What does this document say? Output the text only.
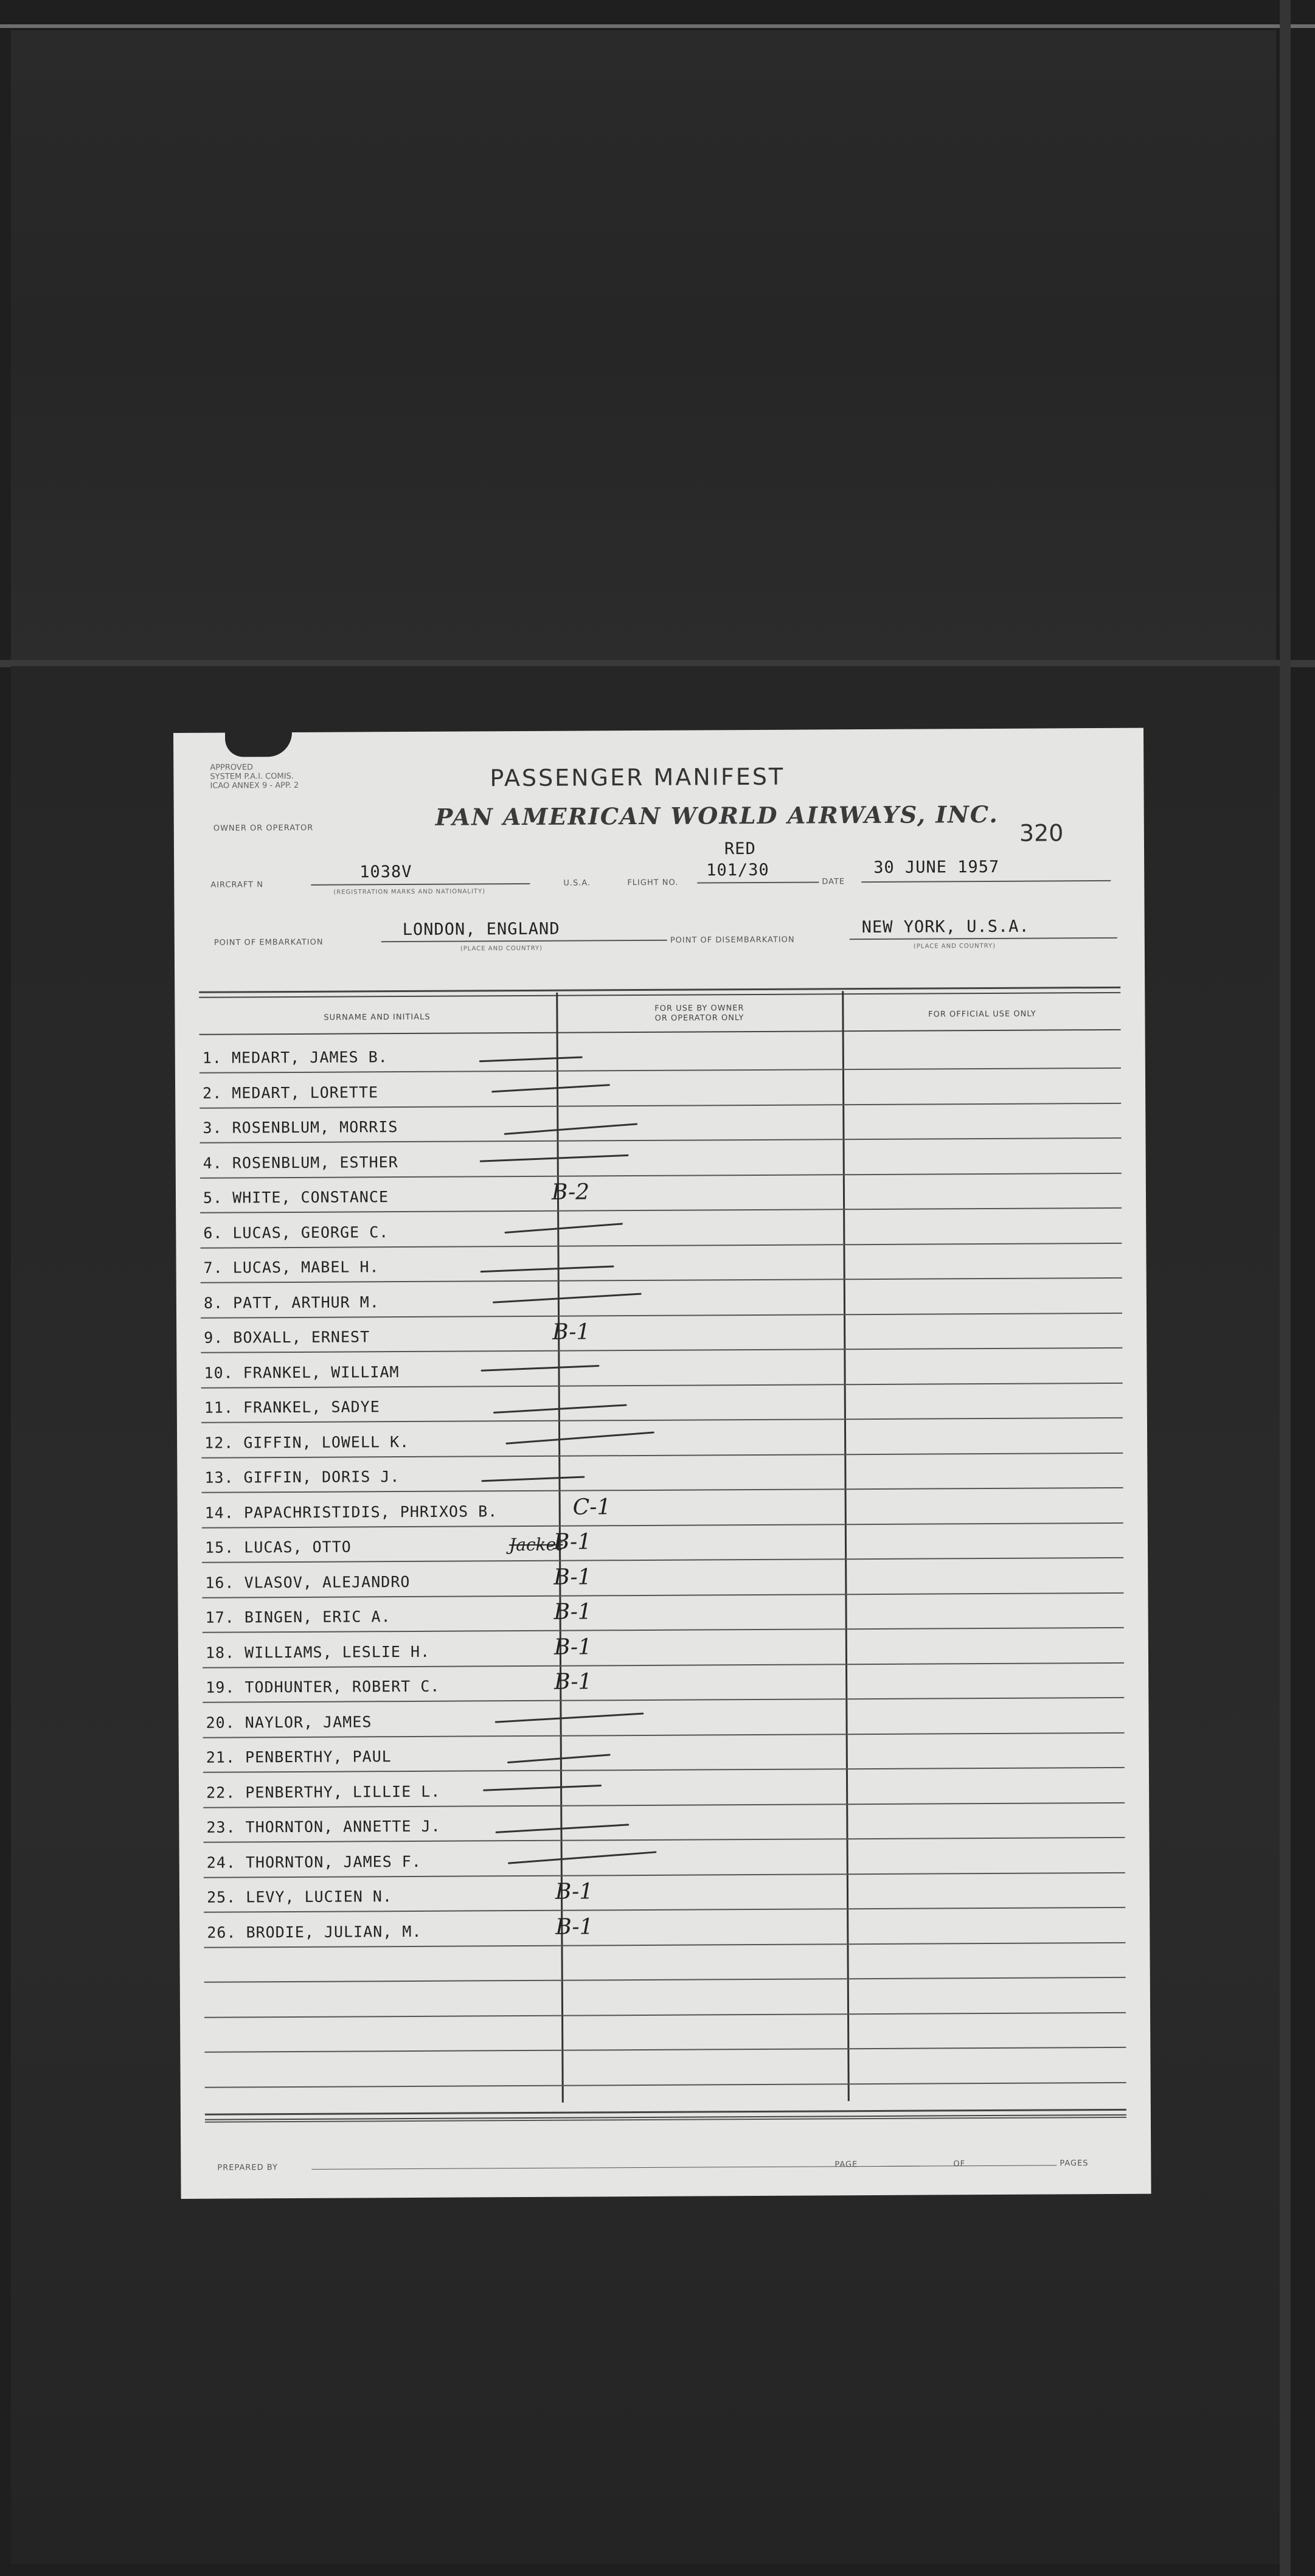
APPROVED
SYSTEM P.A.I. COMIS.
ICAO ANNEX 9 - APP. 2
OWNER OR OPERATOR
PASSENGER MANIFEST
PAN AMERICAN WORLD AIRWAYS, INC.
320
AIRCRAFT N
1038V
(REGISTRATION MARKS AND NATIONALITY)
U.S.A.	FLIGHT NO.
RED
101/30
DATE
30 JUNE 1957
POINT OF EMBARKATION
LONDON, ENGLAND
(PLACE AND COUNTRY)
POINT OF DISEMBARKATION
NEW YORK, U.S.A.
(PLACE AND COUNTRY)
SURNAME AND INITIALS
FOR USE BY OWNER
OR OPERATOR ONLY	FOR OFFICIAL USE ONLY
1. MEDART, JAMES B.
2. MEDART, LORETTE
3. ROSENBLUM, MORRIS
4. ROSENBLUM, ESTHER
5. WHITE, CONSTANCE	B-2
6. LUCAS, GEORGE C.
7. LUCAS, MABEL H.
8. PATT, ARTHUR M.
9. BOXALL, ERNEST	B-1
10. FRANKEL, WILLIAM
11. FRANKEL, SADYE
12. GIFFIN, LOWELL K.
13. GIFFIN, DORIS J.
14. PAPACHRISTIDIS, PHRIXOS B.	C-1
15. LUCAS, OTTO	B-1
16. VLASOV, ALEJANDRO	B-1
17. BINGEN, ERIC A.	B-1
18. WILLIAMS, LESLIE H.	B-1
19. TODHUNTER, ROBERT C.	B-1
20. NAYLOR, JAMES
21. PENBERTHY, PAUL
22. PENBERTHY, LILLIE L.
23. THORNTON, ANNETTE J.
24. THORNTON, JAMES F.
25. LEVY, LUCIEN N.	B-1
26. BRODIE, JULIAN, M.	B-1
Jacket
PREPARED BY	PAGE	OF	PAGES
